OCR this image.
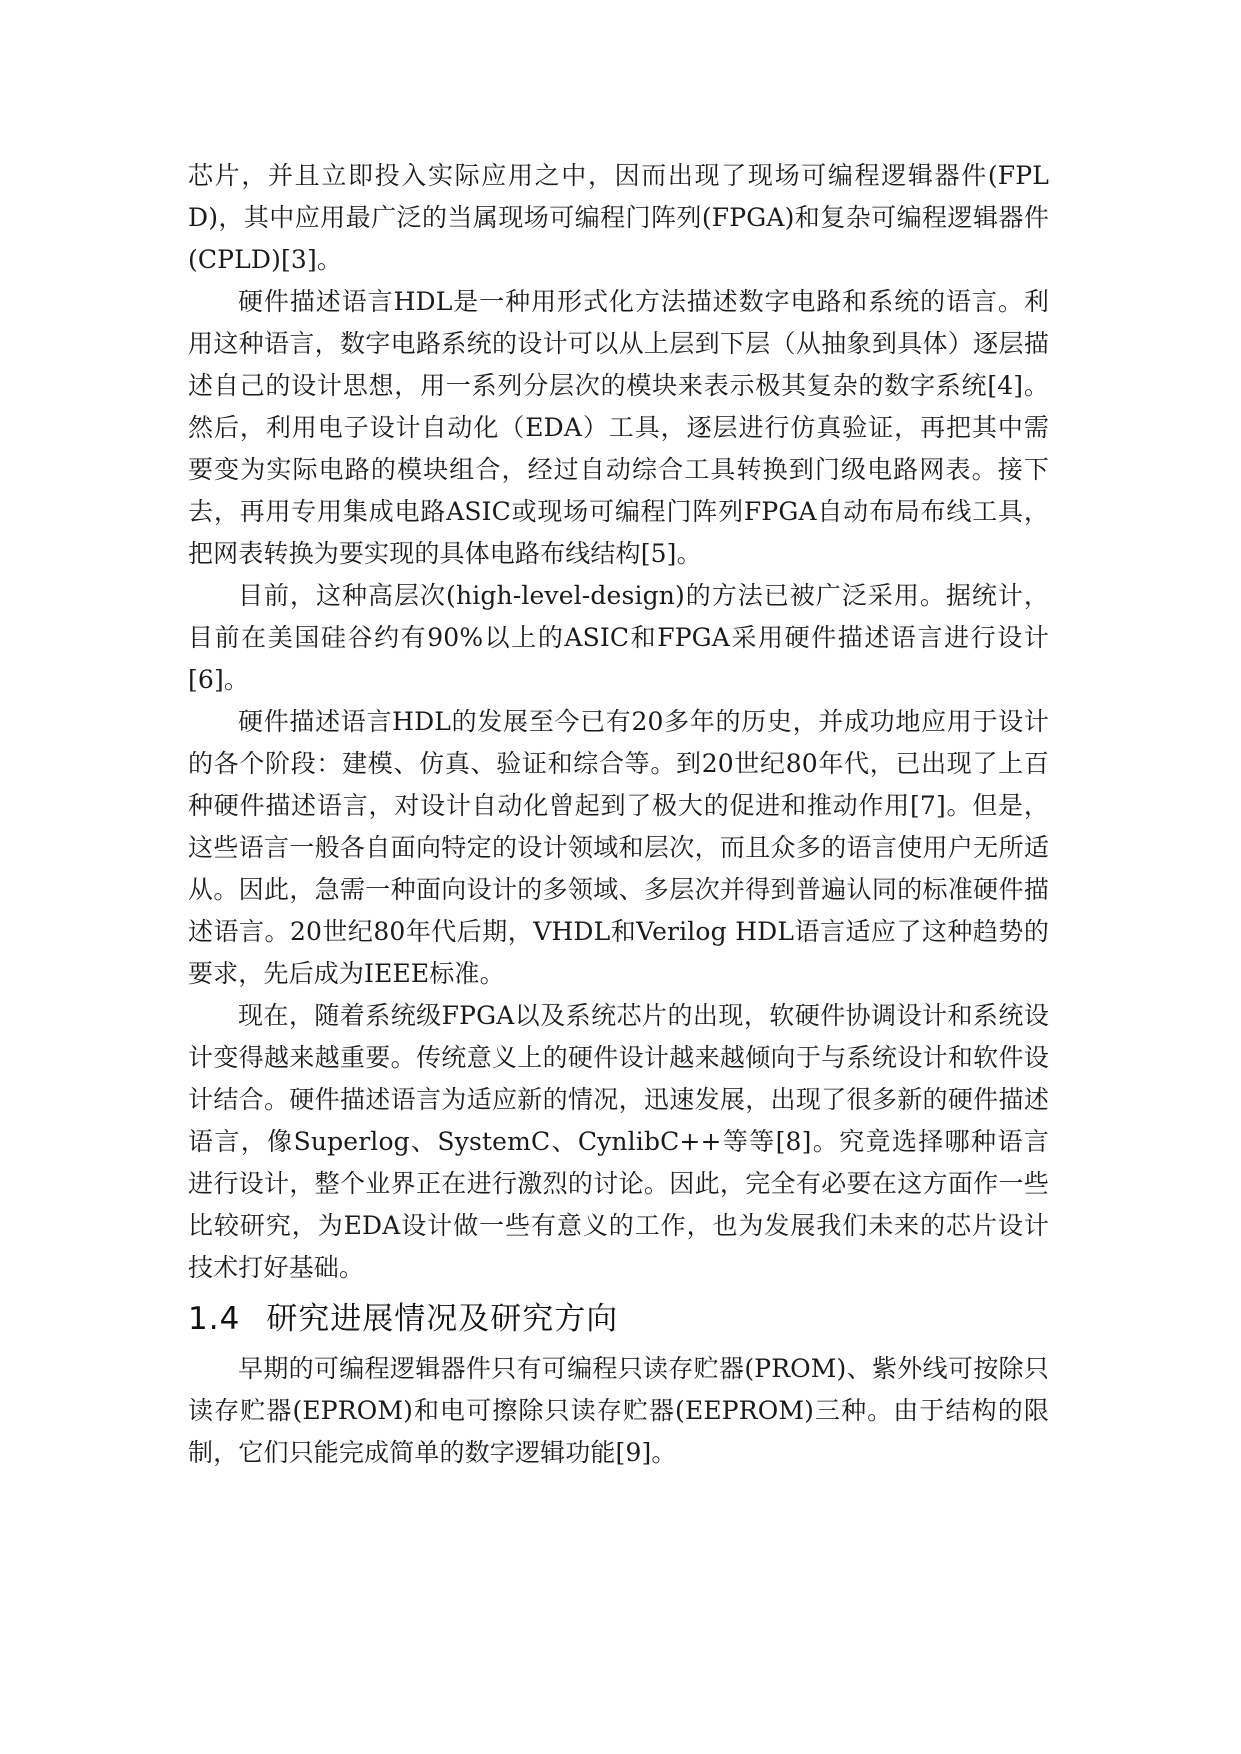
芯片，并且立即投入实际应用之中，因而出现了现场可编程逻辑器件(FPLD)，其中应用最广泛的当属现场可编程门阵列(FPGA)和复杂可编程逻辑器件(CPLD)[3]。

硬件描述语言HDL是一种用形式化方法描述数字电路和系统的语言。利用这种语言，数字电路系统的设计可以从上层到下层（从抽象到具体）逐层描述自己的设计思想，用一系列分层次的模块来表示极其复杂的数字系统[4]。然后，利用电子设计自动化（EDA）工具，逐层进行仿真验证，再把其中需要变为实际电路的模块组合，经过自动综合工具转换到门级电路网表。接下去，再用专用集成电路ASIC或现场可编程门阵列FPGA自动布局布线工具，把网表转换为要实现的具体电路布线结构[5]。

目前，这种高层次(high-level-design)的方法已被广泛采用。据统计，目前在美国硅谷约有90%以上的ASIC和FPGA采用硬件描述语言进行设计[6]。

硬件描述语言HDL的发展至今已有20多年的历史，并成功地应用于设计的各个阶段：建模、仿真、验证和综合等。到20世纪80年代，已出现了上百种硬件描述语言，对设计自动化曾起到了极大的促进和推动作用[7]。但是，这些语言一般各自面向特定的设计领域和层次，而且众多的语言使用户无所适从。因此，急需一种面向设计的多领域、多层次并得到普遍认同的标准硬件描述语言。20世纪80年代后期，VHDL和Verilog HDL语言适应了这种趋势的要求，先后成为IEEE标准。

现在，随着系统级FPGA以及系统芯片的出现，软硬件协调设计和系统设计变得越来越重要。传统意义上的硬件设计越来越倾向于与系统设计和软件设计结合。硬件描述语言为适应新的情况，迅速发展，出现了很多新的硬件描述语言，像Superlog、SystemC、CynlibC++等等[8]。究竟选择哪种语言进行设计，整个业界正在进行激烈的讨论。因此，完全有必要在这方面作一些比较研究，为EDA设计做一些有意义的工作，也为发展我们未来的芯片设计技术打好基础。

1.4 研究进展情况及研究方向

早期的可编程逻辑器件只有可编程只读存贮器(PROM)、紫外线可按除只读存贮器(EPROM)和电可擦除只读存贮器(EEPROM)三种。由于结构的限制，它们只能完成简单的数字逻辑功能[9]。
